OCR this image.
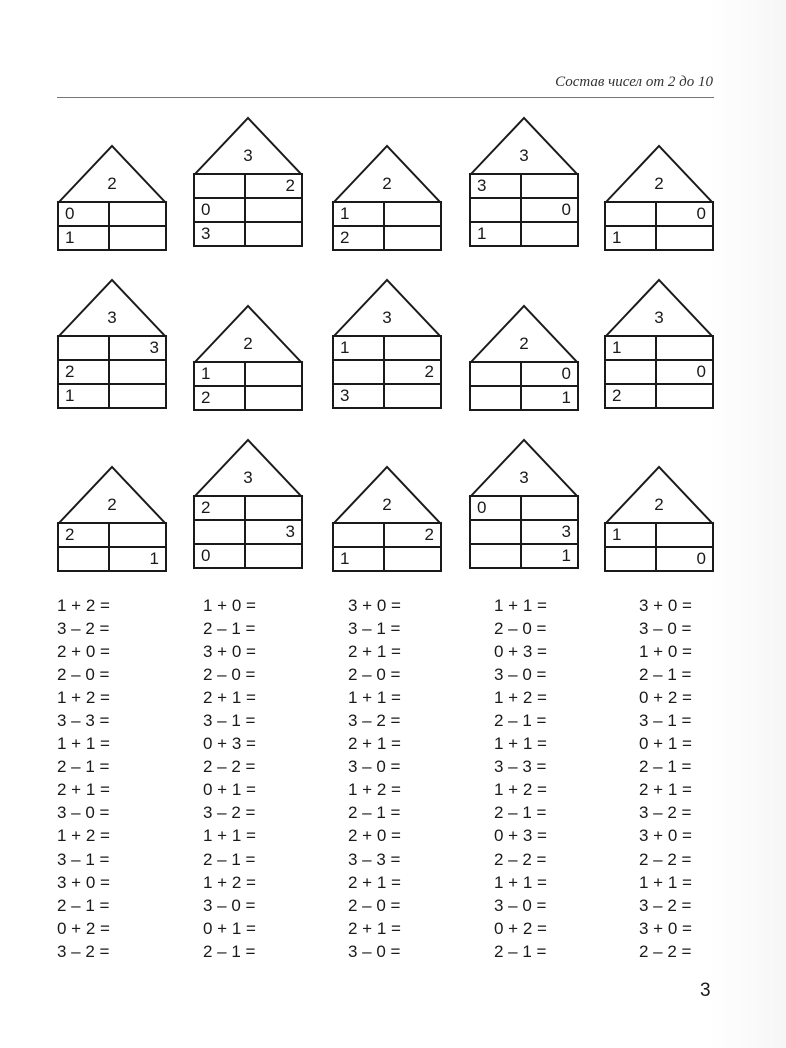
Состав чисел от 2 до 10
2
0
1
3
2
0
3
2
1
2
3
3
0
1
2
0
1
3
3
2
1
2
1
2
3
1
2
3
2
0
1
3
1
0
2
2
2
1
3
2
3
0
2
2
1
3
0
3
1
2
1
0
1 + 2 =
3 – 2 =
2 + 0 =
2 – 0 =
1 + 2 =
3 – 3 =
1 + 1 =
2 – 1 =
2 + 1 =
3 – 0 =
1 + 2 =
3 – 1 =
3 + 0 =
2 – 1 =
0 + 2 =
3 – 2 =
1 + 0 =
2 – 1 =
3 + 0 =
2 – 0 =
2 + 1 =
3 – 1 =
0 + 3 =
2 – 2 =
0 + 1 =
3 – 2 =
1 + 1 =
2 – 1 =
1 + 2 =
3 – 0 =
0 + 1 =
2 – 1 =
3 + 0 =
3 – 1 =
2 + 1 =
2 – 0 =
1 + 1 =
3 – 2 =
2 + 1 =
3 – 0 =
1 + 2 =
2 – 1 =
2 + 0 =
3 – 3 =
2 + 1 =
2 – 0 =
2 + 1 =
3 – 0 =
1 + 1 =
2 – 0 =
0 + 3 =
3 – 0 =
1 + 2 =
2 – 1 =
1 + 1 =
3 – 3 =
1 + 2 =
2 – 1 =
0 + 3 =
2 – 2 =
1 + 1 =
3 – 0 =
0 + 2 =
2 – 1 =
3 + 0 =
3 – 0 =
1 + 0 =
2 – 1 =
0 + 2 =
3 – 1 =
0 + 1 =
2 – 1 =
2 + 1 =
3 – 2 =
3 + 0 =
2 – 2 =
1 + 1 =
3 – 2 =
3 + 0 =
2 – 2 =
3
